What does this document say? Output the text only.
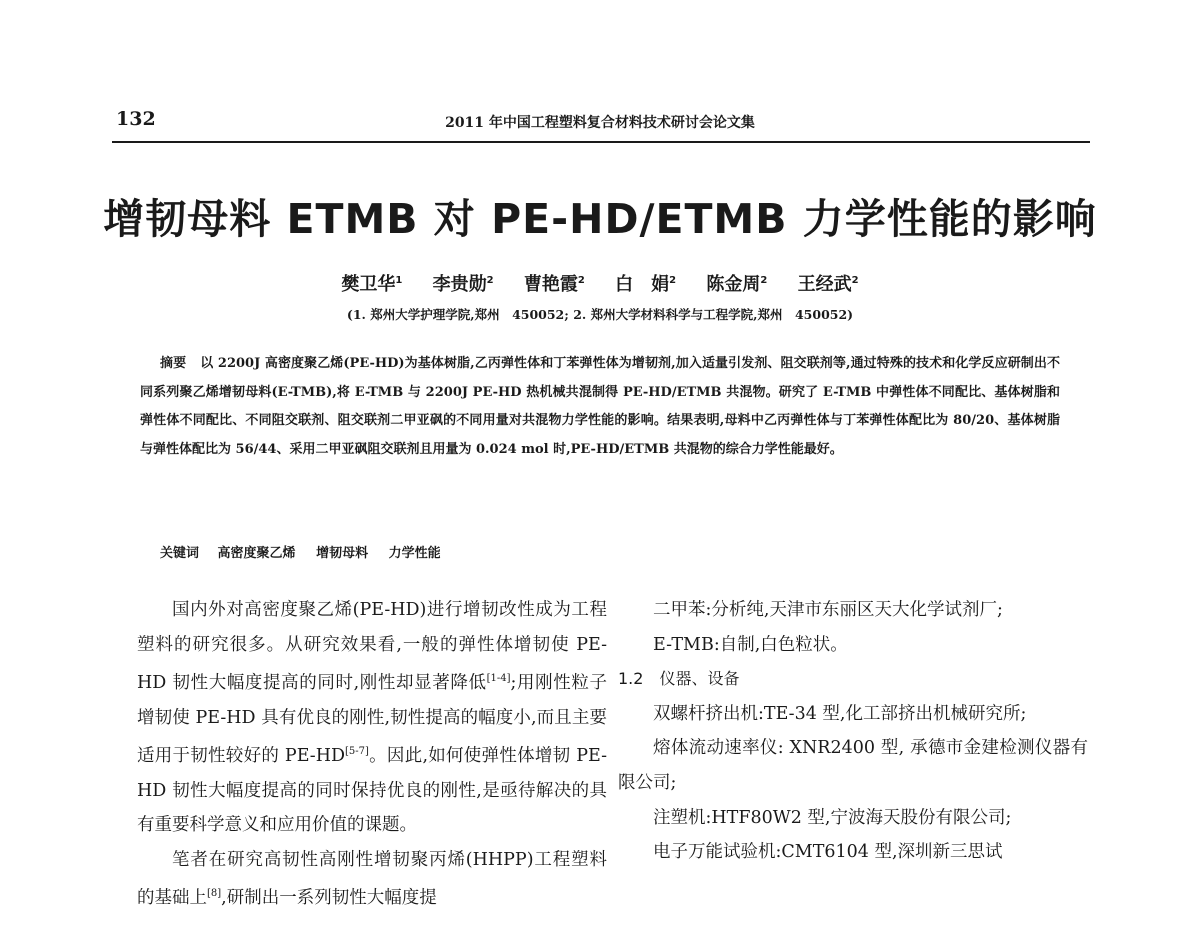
132	2011 年中国工程塑料复合材料技术研讨会论文集
增韧母料 ETMB 对 PE-HD/ETMB 力学性能的影响
樊卫华$^1$ 李贵勋$^2$ 曹艳霞$^2$ 白　娟$^2$ 陈金周$^2$ 王经武$^2$
(1. 郑州大学护理学院,郑州　450052; 2. 郑州大学材料科学与工程学院,郑州　450052)
摘要 以 2200J 高密度聚乙烯(PE-HD)为基体树脂,乙丙弹性体和丁苯弹性体为增韧剂,加入适量引发剂、阻交联剂等,通过特殊的技术和化学反应研制出不同系列聚乙烯增韧母料(E-TMB),将 E-TMB 与 2200J PE-HD 热机械共混制得 PE-HD/ETMB 共混物。研究了 E-TMB 中弹性体不同配比、基体树脂和弹性体不同配比、不同阻交联剂、阻交联剂二甲亚砜的不同用量对共混物力学性能的影响。结果表明,母料中乙丙弹性体与丁苯弹性体配比为 80/20、基体树脂与弹性体配比为 56/44、采用二甲亚砜阻交联剂且用量为 0.024 mol 时,PE-HD/ETMB 共混物的综合力学性能最好。
关键词 高密度聚乙烯 增韧母料 力学性能

国内外对高密度聚乙烯(PE-HD)进行增韧改性成为工程塑料的研究很多。从研究效果看,一般的弹性体增韧使 PE-HD 韧性大幅度提高的同时,刚性却显著降低[1-4];用刚性粒子增韧使 PE-HD 具有优良的刚性,韧性提高的幅度小,而且主要适用于韧性较好的 PE-HD[5-7]。因此,如何使弹性体增韧 PE-HD 韧性大幅度提高的同时保持优良的刚性,是亟待解决的具有重要科学意义和应用价值的课题。

笔者在研究高韧性高刚性增韧聚丙烯(HHPP)工程塑料的基础上[8],研制出一系列韧性大幅度提

二甲苯:分析纯,天津市东丽区天大化学试剂厂;

E-TMB:自制,白色粒状。

1.2　仪器、设备

双螺杆挤出机:TE-34 型,化工部挤出机械研究所;

熔体流动速率仪: XNR2400 型, 承德市金建检测仪器有限公司;

注塑机:HTF80W2 型,宁波海天股份有限公司;

电子万能试验机:CMT6104 型,深圳新三思试
